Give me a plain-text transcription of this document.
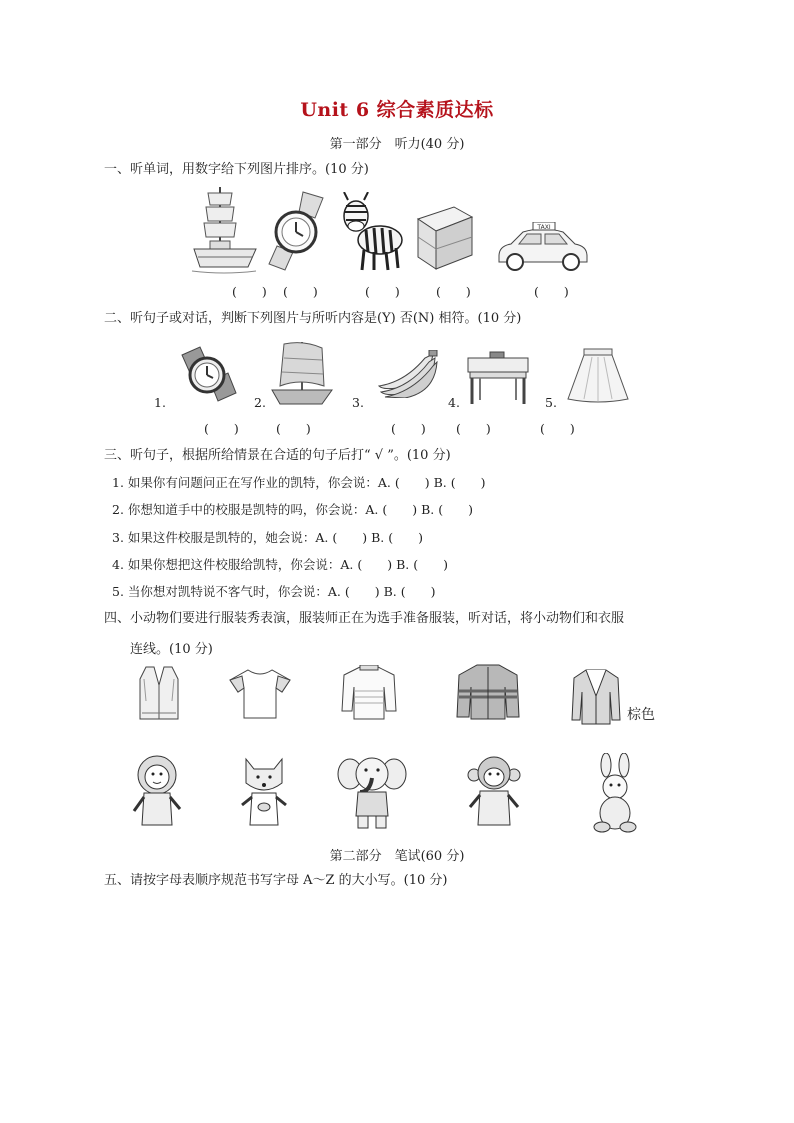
Unit 6 综合素质达标
第一部分　听力(40 分)
一、听单词，用数字给下列图片排序。(10 分)
TAXI
(　　) (　　)	(　　)	(　　)	(　　)
二、听句子或对话，判断下列图片与所听内容是(Y) 否(N) 相符。(10 分)
1.	2.	3.	4.	5.
(　　)	(　　)	(　　) (　　)	(　　)
三、听句子，根据所给情景在合适的句子后打“ √ ”。(10 分)
1. 如果你有问题问正在写作业的凯特，你会说：A. (　　) B. (　　)
2. 你想知道手中的校服是凯特的吗，你会说：A. (　　) B. (　　)
3. 如果这件校服是凯特的，她会说：A. (　　) B. (　　)
4. 如果你想把这件校服给凯特，你会说：A. (　　) B. (　　)
5. 当你想对凯特说不客气时，你会说：A. (　　) B. (　　)
四、小动物们要进行服装秀表演，服装师正在为选手准备服装，听对话，将小动物们和衣服
连线。(10 分)
棕色
第二部分　笔试(60 分)
五、请按字母表顺序规范书写字母 A～Z 的大小写。(10 分)
